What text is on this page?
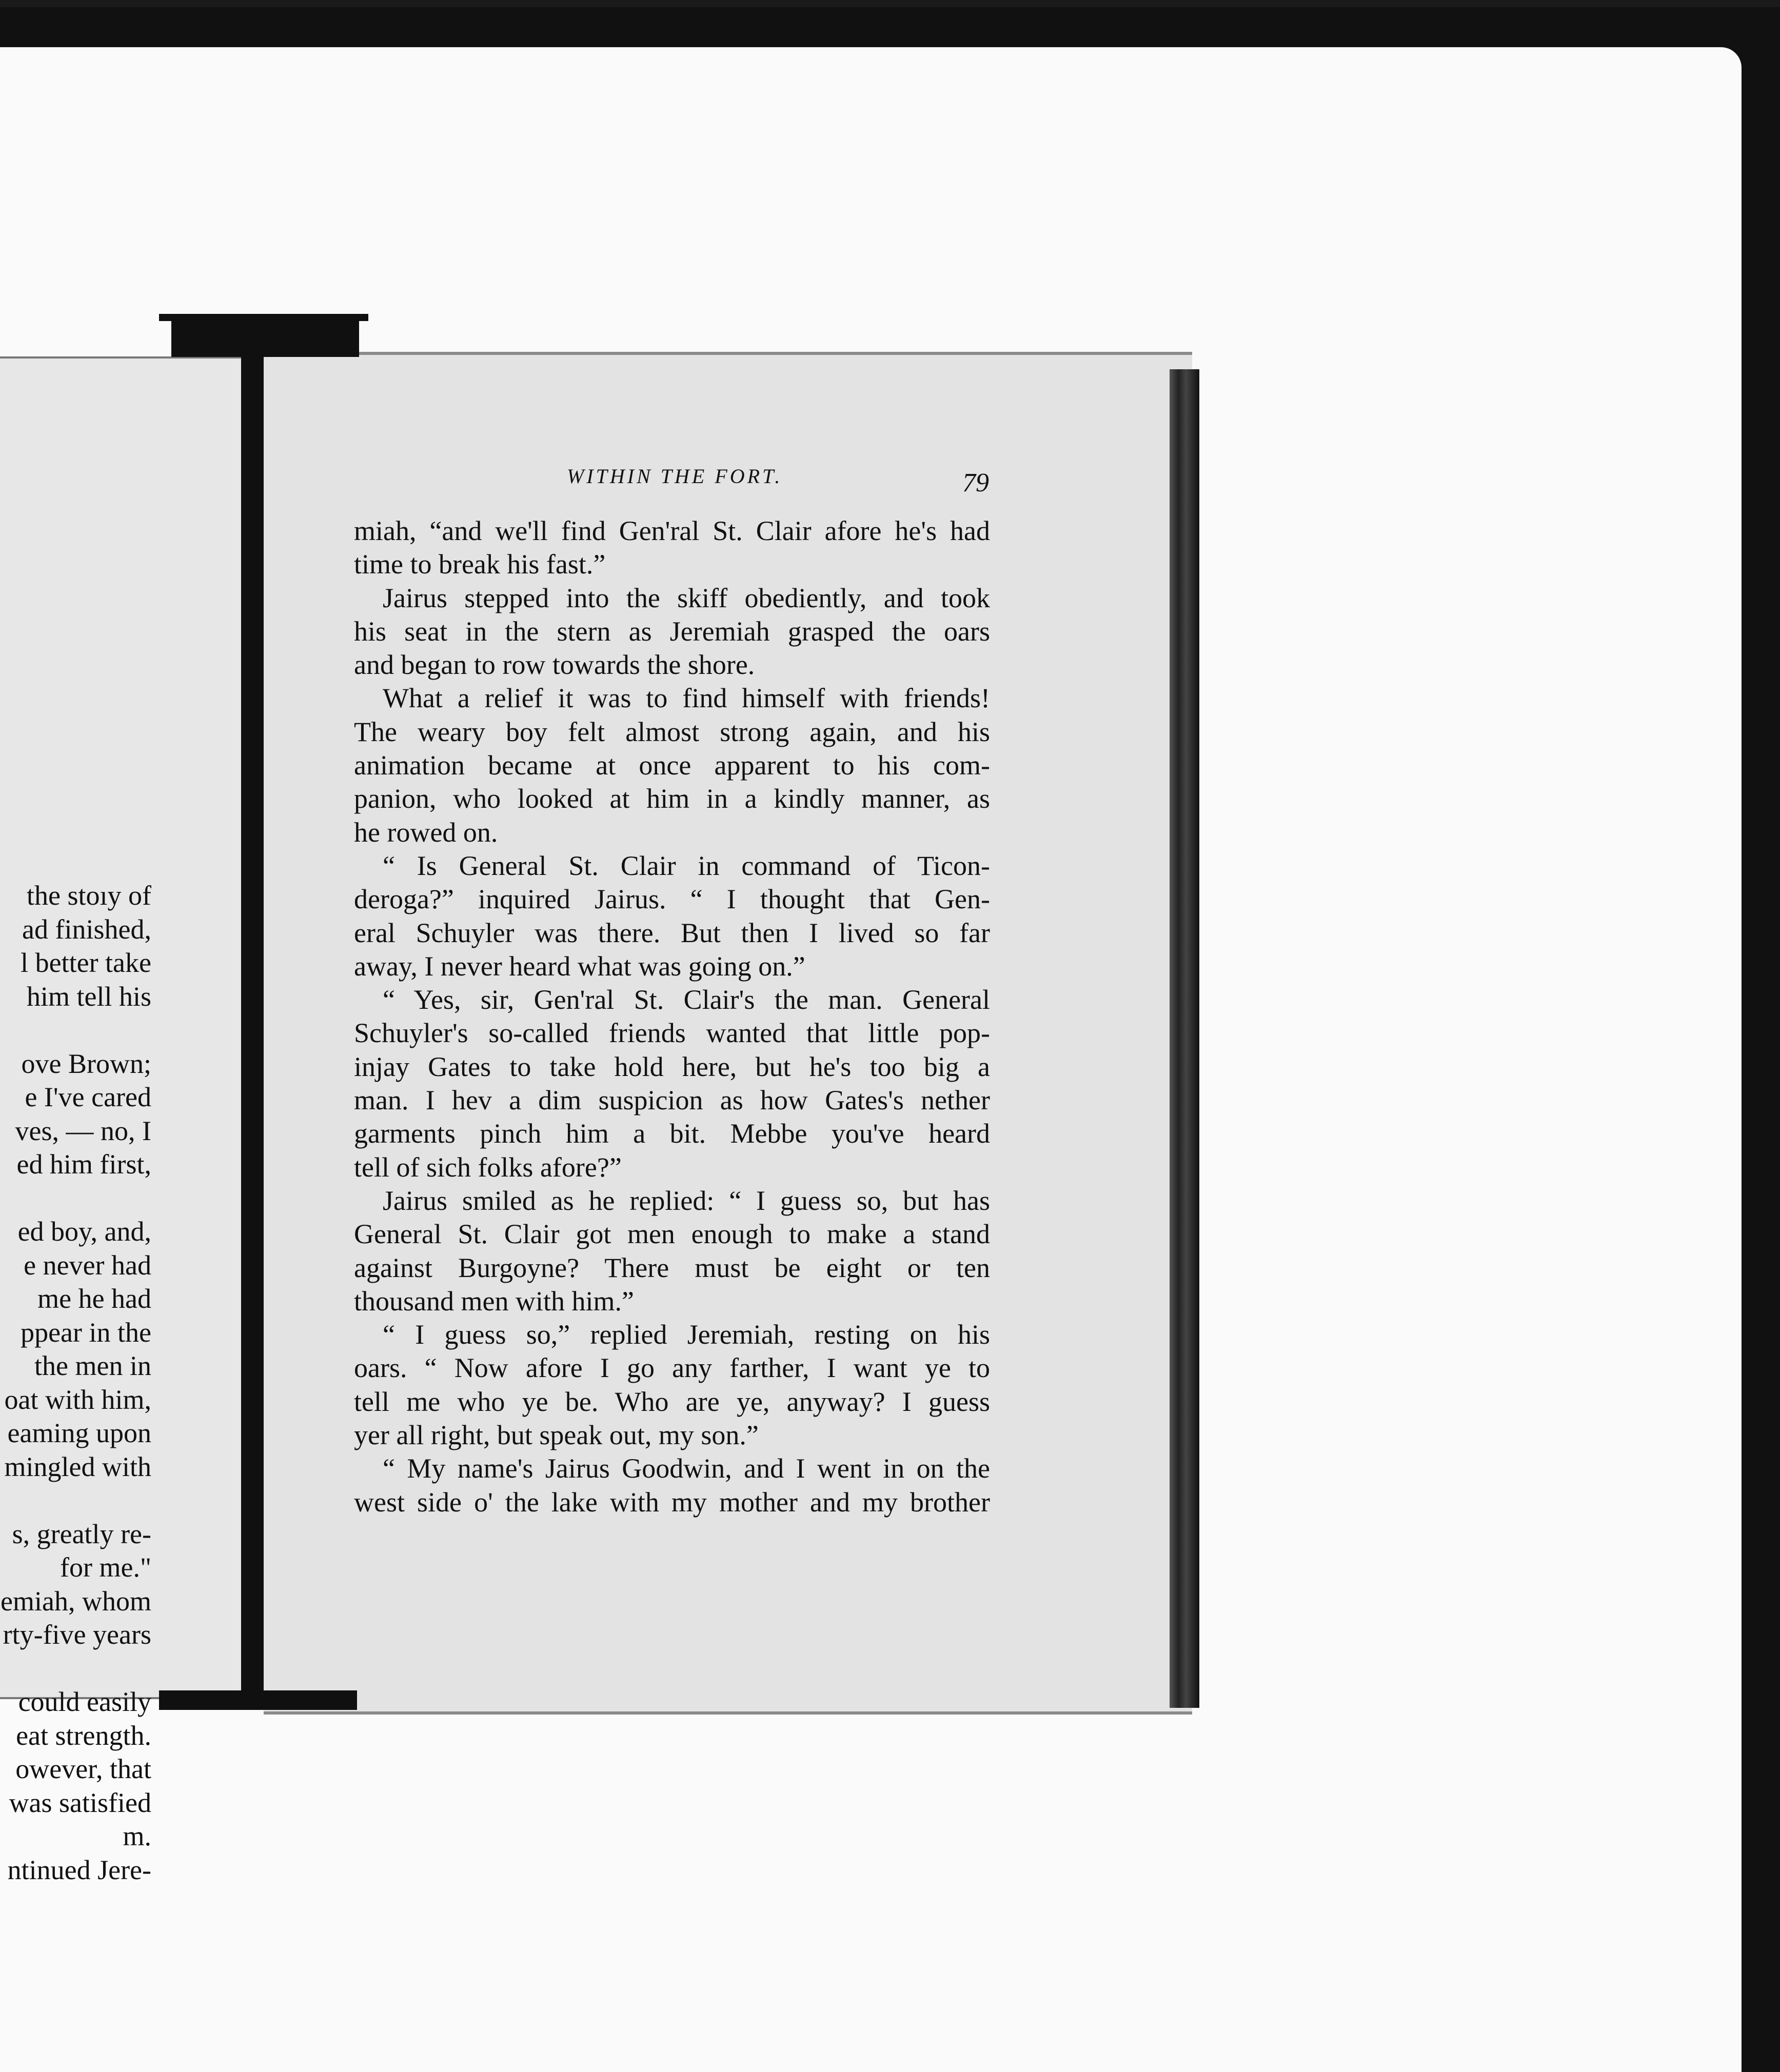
the stoıy of
ad finished,
l better take
him tell his

ove Brown;
e I've cared
ves, — no, I
ed him first,

ed boy, and,
e never had
me he had
ppear in the
the men in
oat with him,
eaming upon
mingled with

s, greatly re-
for me."
emiah, whom
rty-five years

could easily
eat strength.
owever, that
was satisfied
m.
ntinued Jere-
WITHIN THE FORT.	79
miah, “and we'll find Gen'ral St. Clair afore he's had
time to break his fast.”
Jairus stepped into the skiff obediently, and took
his seat in the stern as Jeremiah grasped the oars
and began to row towards the shore.
What a relief it was to find himself with friends!
The weary boy felt almost strong again, and his
animation became at once apparent to his com-
panion, who looked at him in a kindly manner, as
he rowed on.
“ Is General St. Clair in command of Ticon-
deroga?” inquired Jairus. “ I thought that Gen-
eral Schuyler was there. But then I lived so far
away, I never heard what was going on.”
“ Yes, sir, Gen'ral St. Clair's the man. General
Schuyler's so-called friends wanted that little pop-
injay Gates to take hold here, but he's too big a
man. I hev a dim suspicion as how Gates's nether
garments pinch him a bit. Mebbe you've heard
tell of sich folks afore?”
Jairus smiled as he replied: “ I guess so, but has
General St. Clair got men enough to make a stand
against Burgoyne? There must be eight or ten
thousand men with him.”
“ I guess so,” replied Jeremiah, resting on his
oars. “ Now afore I go any farther, I want ye to
tell me who ye be. Who are ye, anyway? I guess
yer all right, but speak out, my son.”
“ My name's Jairus Goodwin, and I went in on the
west side o' the lake with my mother and my brother
